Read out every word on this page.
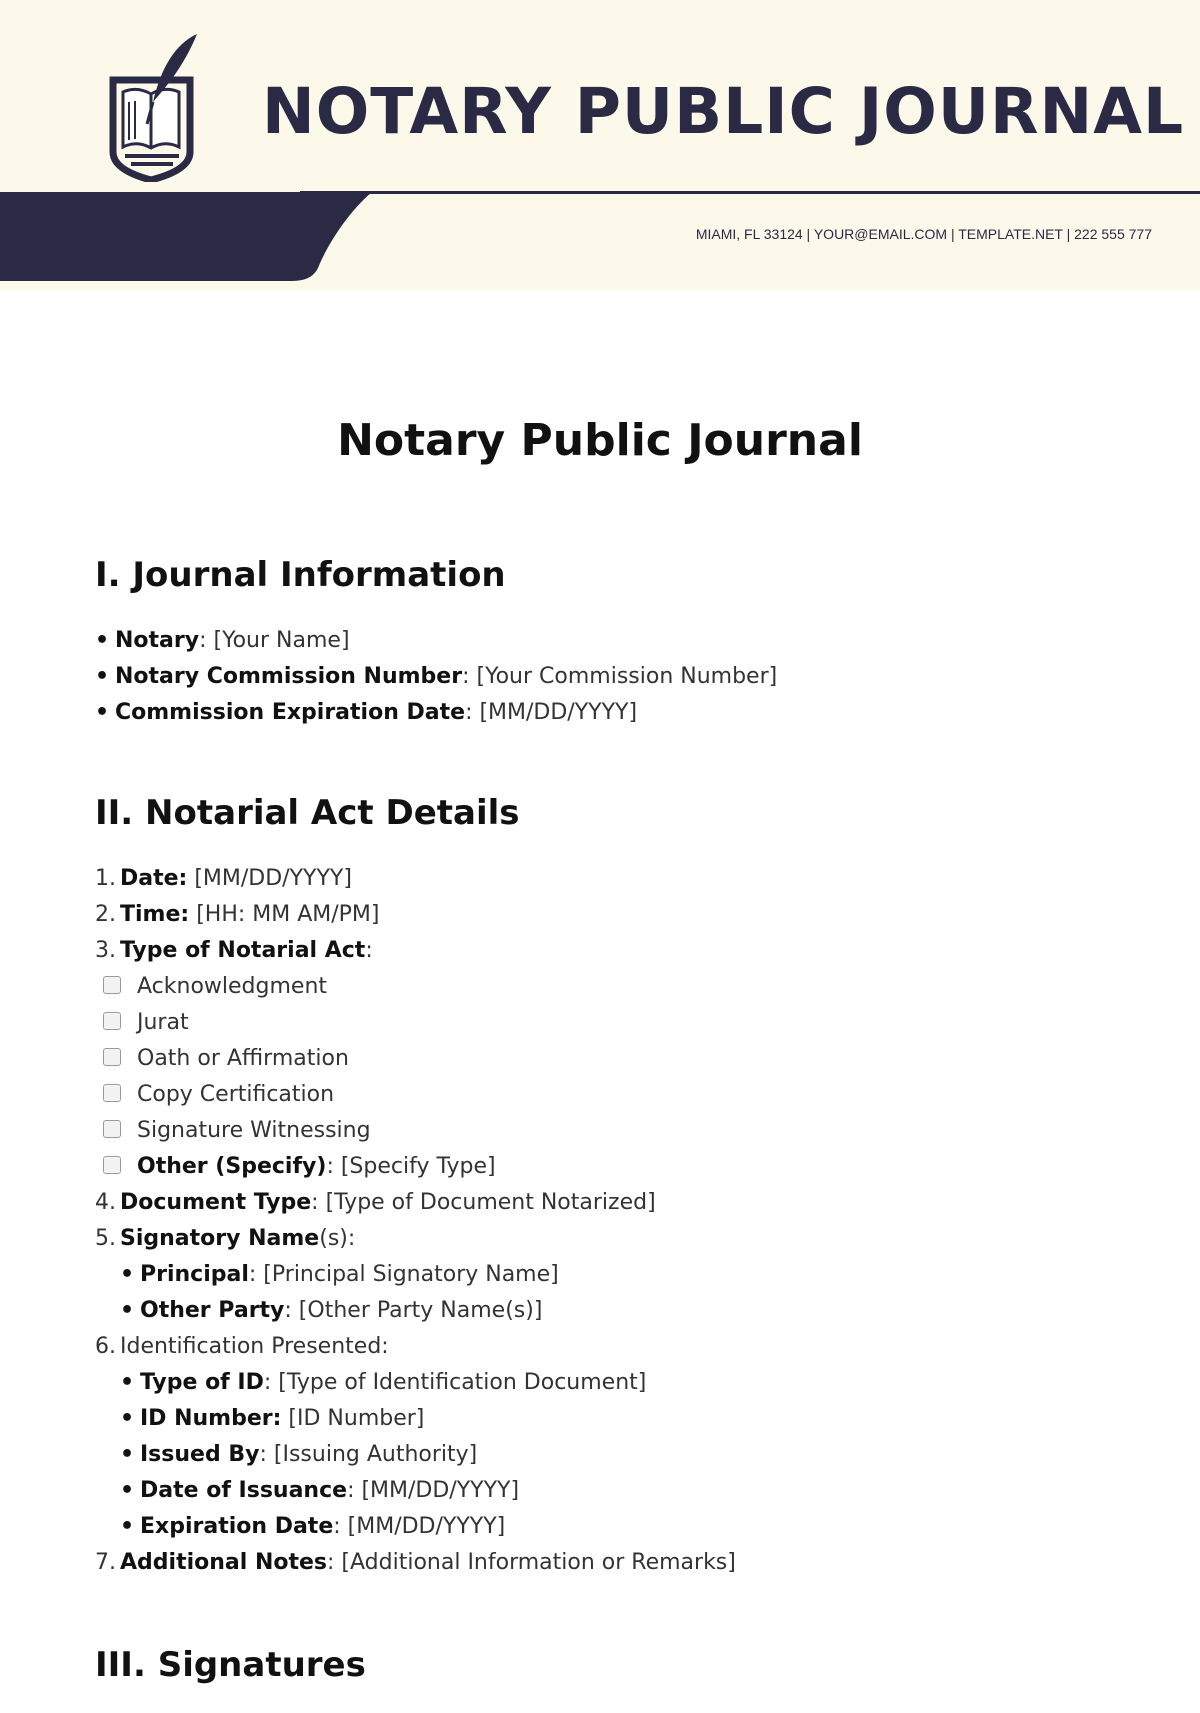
NOTARY PUBLIC JOURNAL
MIAMI, FL 33124 | YOUR@EMAIL.COM | TEMPLATE.NET | 222 555 777
Notary Public Journal
I. Journal Information
• Notary: [Your Name]
• Notary Commission Number: [Your Commission Number]
• Commission Expiration Date: [MM/DD/YYYY]
II. Notarial Act Details
1. Date: [MM/DD/YYYY]
2. Time: [HH: MM AM/PM]
3. Type of Notarial Act:
Acknowledgment
Jurat
Oath or Affirmation
Copy Certification
Signature Witnessing
Other (Specify): [Specify Type]
4. Document Type: [Type of Document Notarized]
5. Signatory Name(s):
• Principal: [Principal Signatory Name]
• Other Party: [Other Party Name(s)]
6. Identification Presented:
• Type of ID: [Type of Identification Document]
• ID Number: [ID Number]
• Issued By: [Issuing Authority]
• Date of Issuance: [MM/DD/YYYY]
• Expiration Date: [MM/DD/YYYY]
7. Additional Notes: [Additional Information or Remarks]
III. Signatures
